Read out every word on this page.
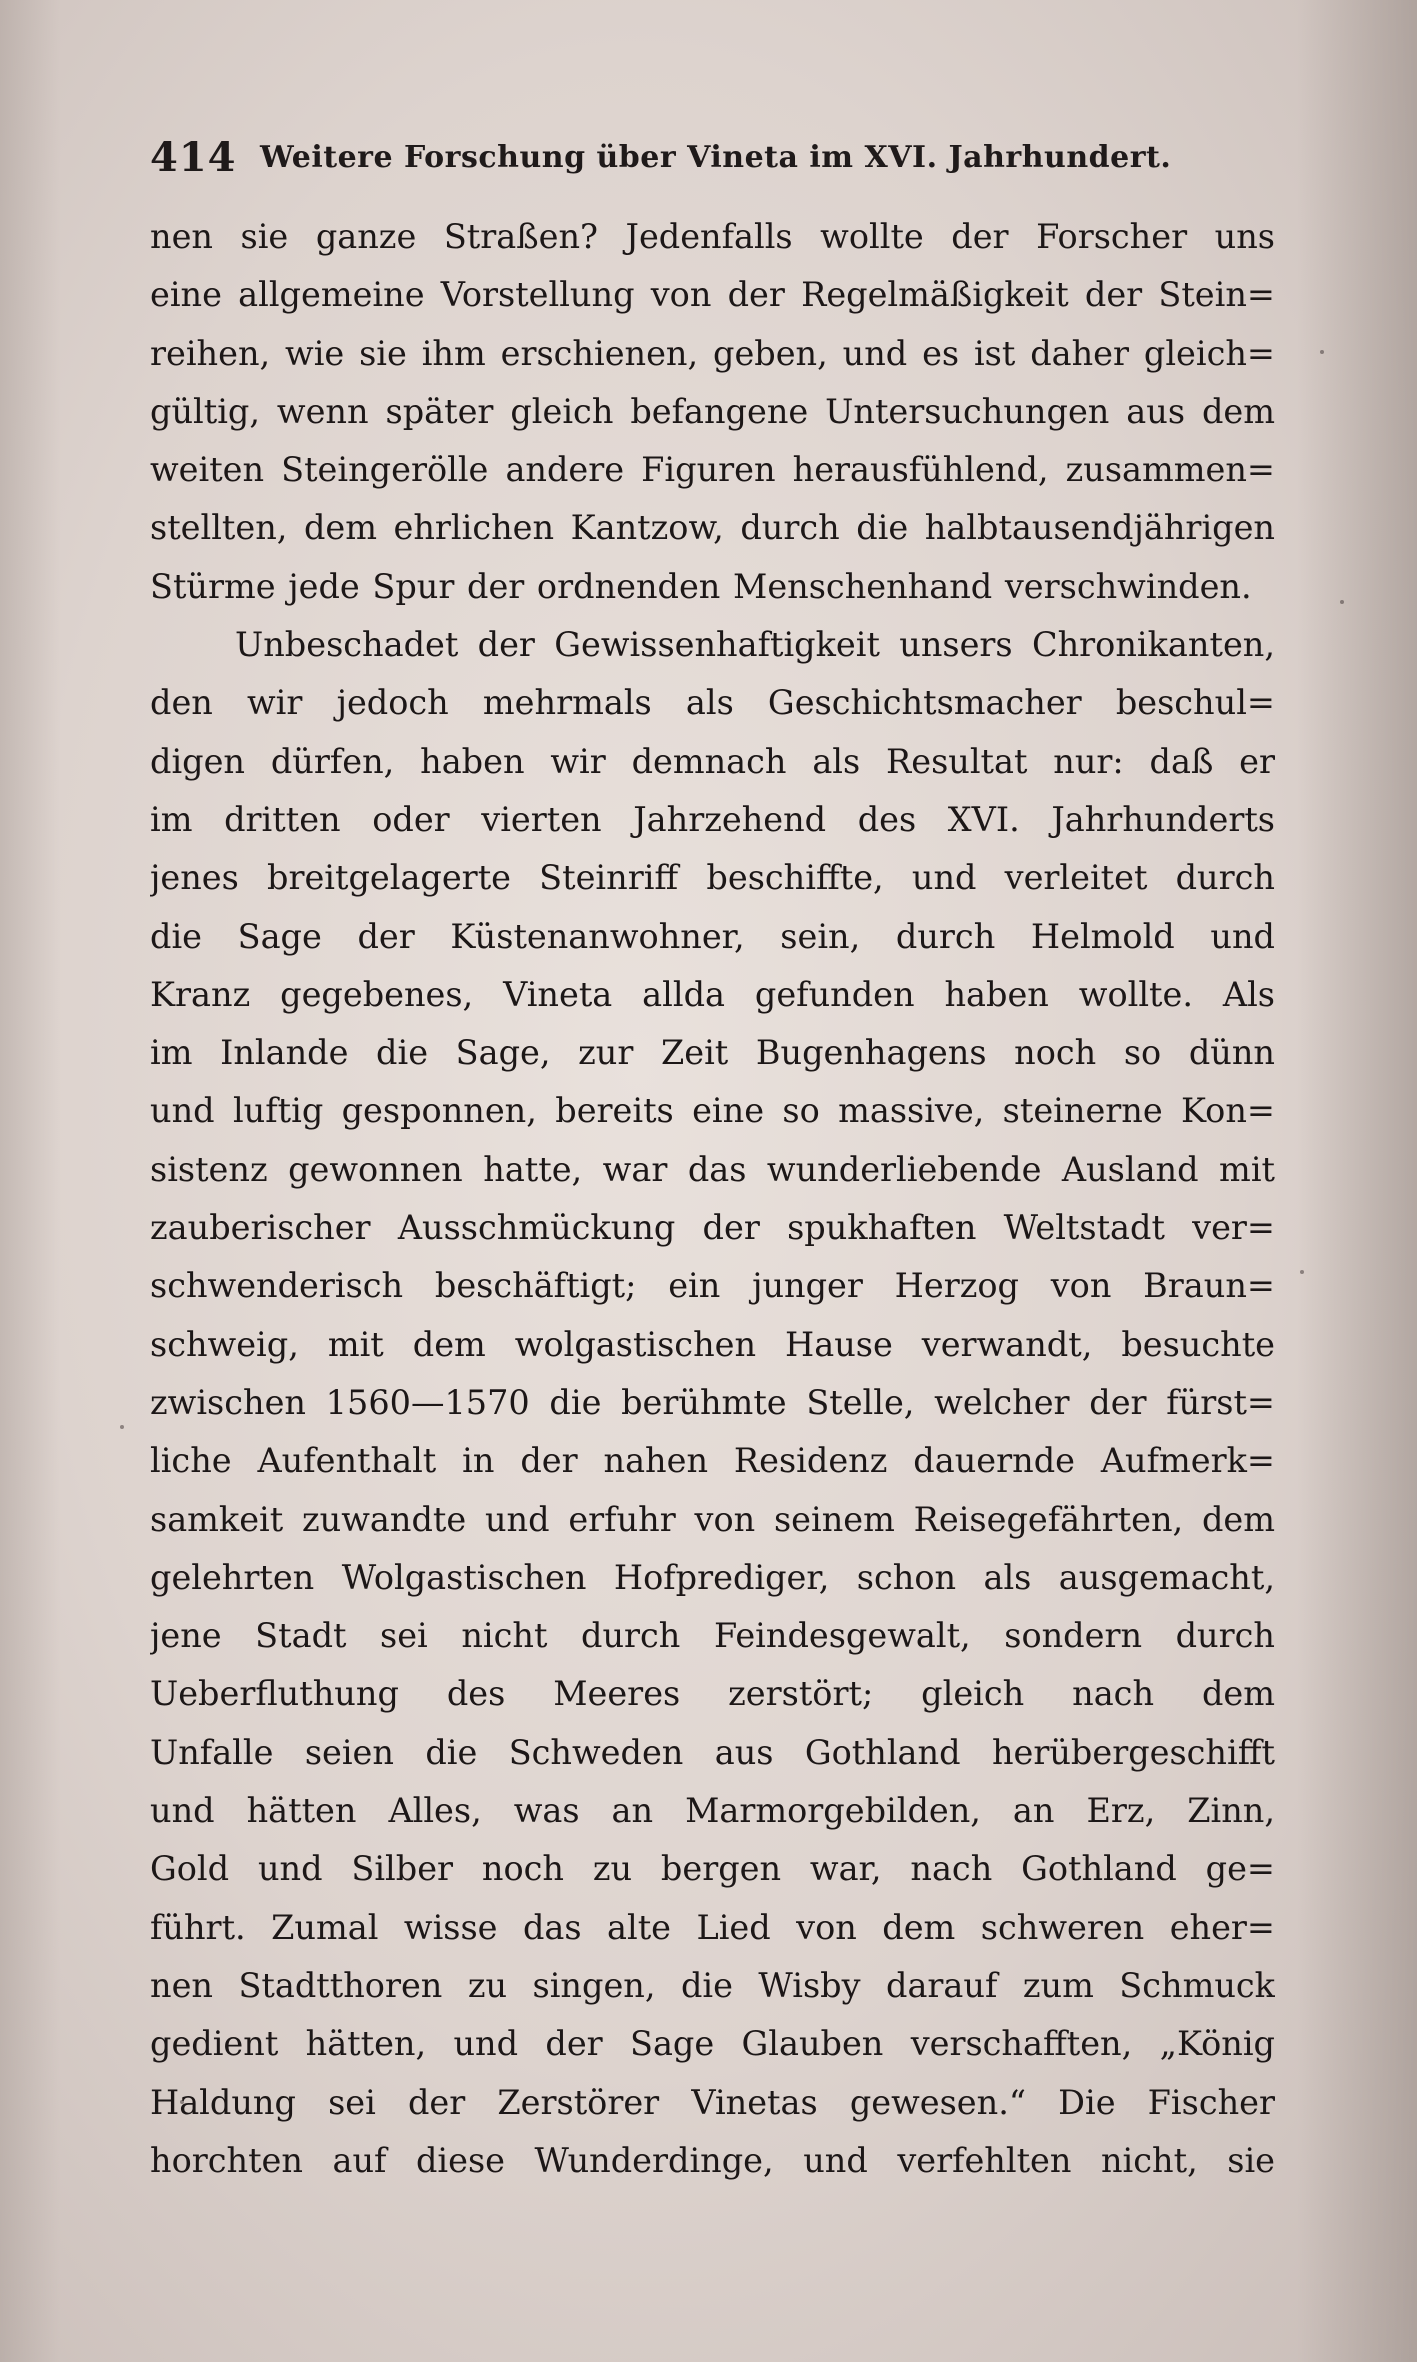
414 Weitere Forschung über Vineta im XVI. Jahrhundert.
nen sie ganze Straßen? Jedenfalls wollte der Forscher uns
eine allgemeine Vorstellung von der Regelmäßigkeit der Stein=
reihen, wie sie ihm erschienen, geben, und es ist daher gleich=
gültig, wenn später gleich befangene Untersuchungen aus dem
weiten Steingerölle andere Figuren herausfühlend, zusammen=
stellten, dem ehrlichen Kantzow, durch die halbtausendjährigen
Stürme jede Spur der ordnenden Menschenhand verschwinden.
Unbeschadet der Gewissenhaftigkeit unsers Chronikanten,
den wir jedoch mehrmals als Geschichtsmacher beschul=
digen dürfen, haben wir demnach als Resultat nur: daß er
im dritten oder vierten Jahrzehend des XVI. Jahrhunderts
jenes breitgelagerte Steinriff beschiffte, und verleitet durch
die Sage der Küstenanwohner, sein, durch Helmold und
Kranz gegebenes, Vineta allda gefunden haben wollte. Als
im Inlande die Sage, zur Zeit Bugenhagens noch so dünn
und luftig gesponnen, bereits eine so massive, steinerne Kon=
sistenz gewonnen hatte, war das wunderliebende Ausland mit
zauberischer Ausschmückung der spukhaften Weltstadt ver=
schwenderisch beschäftigt; ein junger Herzog von Braun=
schweig, mit dem wolgastischen Hause verwandt, besuchte
zwischen 1560—1570 die berühmte Stelle, welcher der fürst=
liche Aufenthalt in der nahen Residenz dauernde Aufmerk=
samkeit zuwandte und erfuhr von seinem Reisegefährten, dem
gelehrten Wolgastischen Hofprediger, schon als ausgemacht,
jene Stadt sei nicht durch Feindesgewalt, sondern durch
Ueberfluthung des Meeres zerstört; gleich nach dem
Unfalle seien die Schweden aus Gothland herübergeschifft
und hätten Alles, was an Marmorgebilden, an Erz, Zinn,
Gold und Silber noch zu bergen war, nach Gothland ge=
führt. Zumal wisse das alte Lied von dem schweren eher=
nen Stadtthoren zu singen, die Wisby darauf zum Schmuck
gedient hätten, und der Sage Glauben verschafften, „König
Haldung sei der Zerstörer Vinetas gewesen.“ Die Fischer
horchten auf diese Wunderdinge, und verfehlten nicht, sie
